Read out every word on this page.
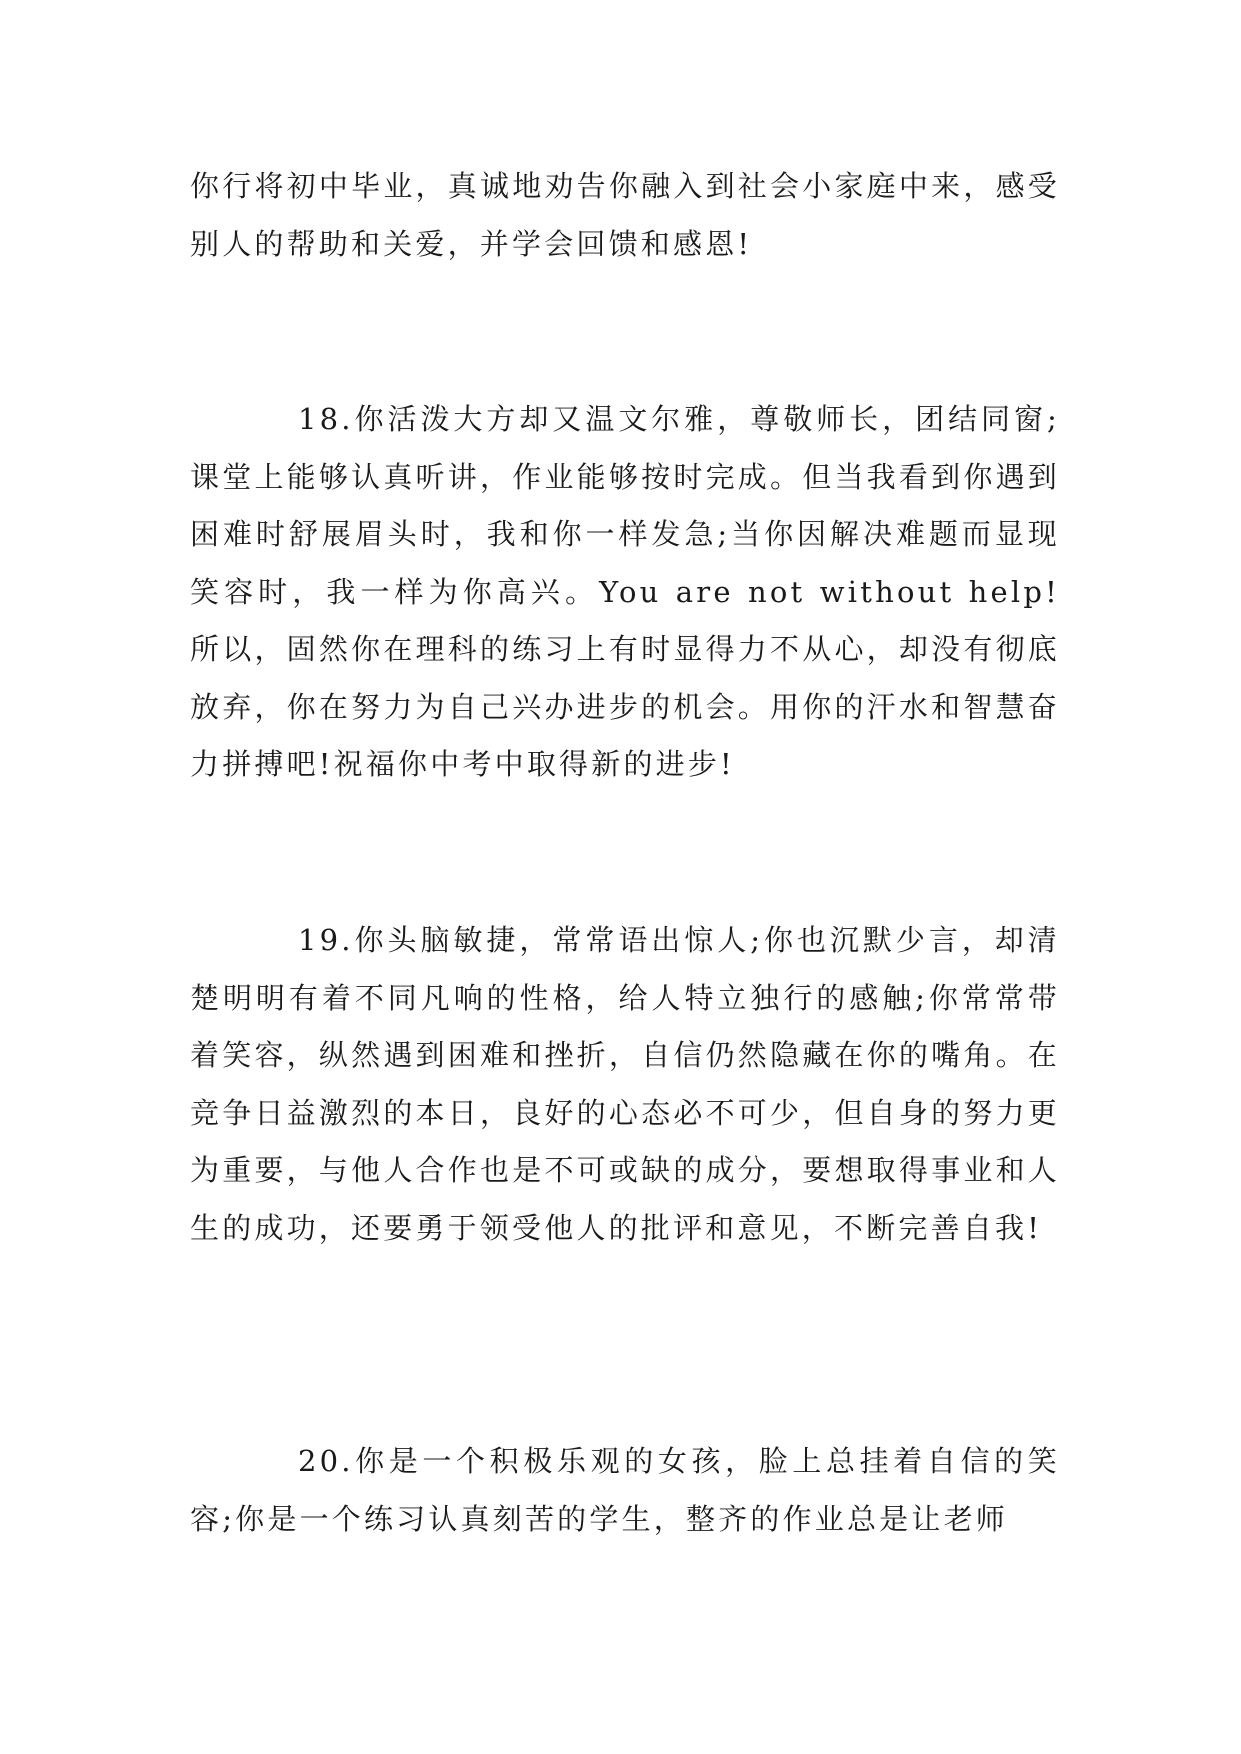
你行将初中毕业，真诚地劝告你融入到社会小家庭中来，感受别人的帮助和关爱，并学会回馈和感恩!

18.你活泼大方却又温文尔雅，尊敬师长，团结同窗;课堂上能够认真听讲，作业能够按时完成。但当我看到你遇到困难时舒展眉头时，我和你一样发急;当你因解决难题而显现笑容时，我一样为你高兴。You are not without help!所以，固然你在理科的练习上有时显得力不从心，却没有彻底放弃，你在努力为自己兴办进步的机会。用你的汗水和智慧奋力拼搏吧!祝福你中考中取得新的进步!

19.你头脑敏捷，常常语出惊人;你也沉默少言，却清楚明明有着不同凡响的性格，给人特立独行的感触;你常常带着笑容，纵然遇到困难和挫折，自信仍然隐藏在你的嘴角。在竞争日益激烈的本日，良好的心态必不可少，但自身的努力更为重要，与他人合作也是不可或缺的成分，要想取得事业和人生的成功，还要勇于领受他人的批评和意见，不断完善自我!

20.你是一个积极乐观的女孩，脸上总挂着自信的笑容;你是一个练习认真刻苦的学生，整齐的作业总是让老师
